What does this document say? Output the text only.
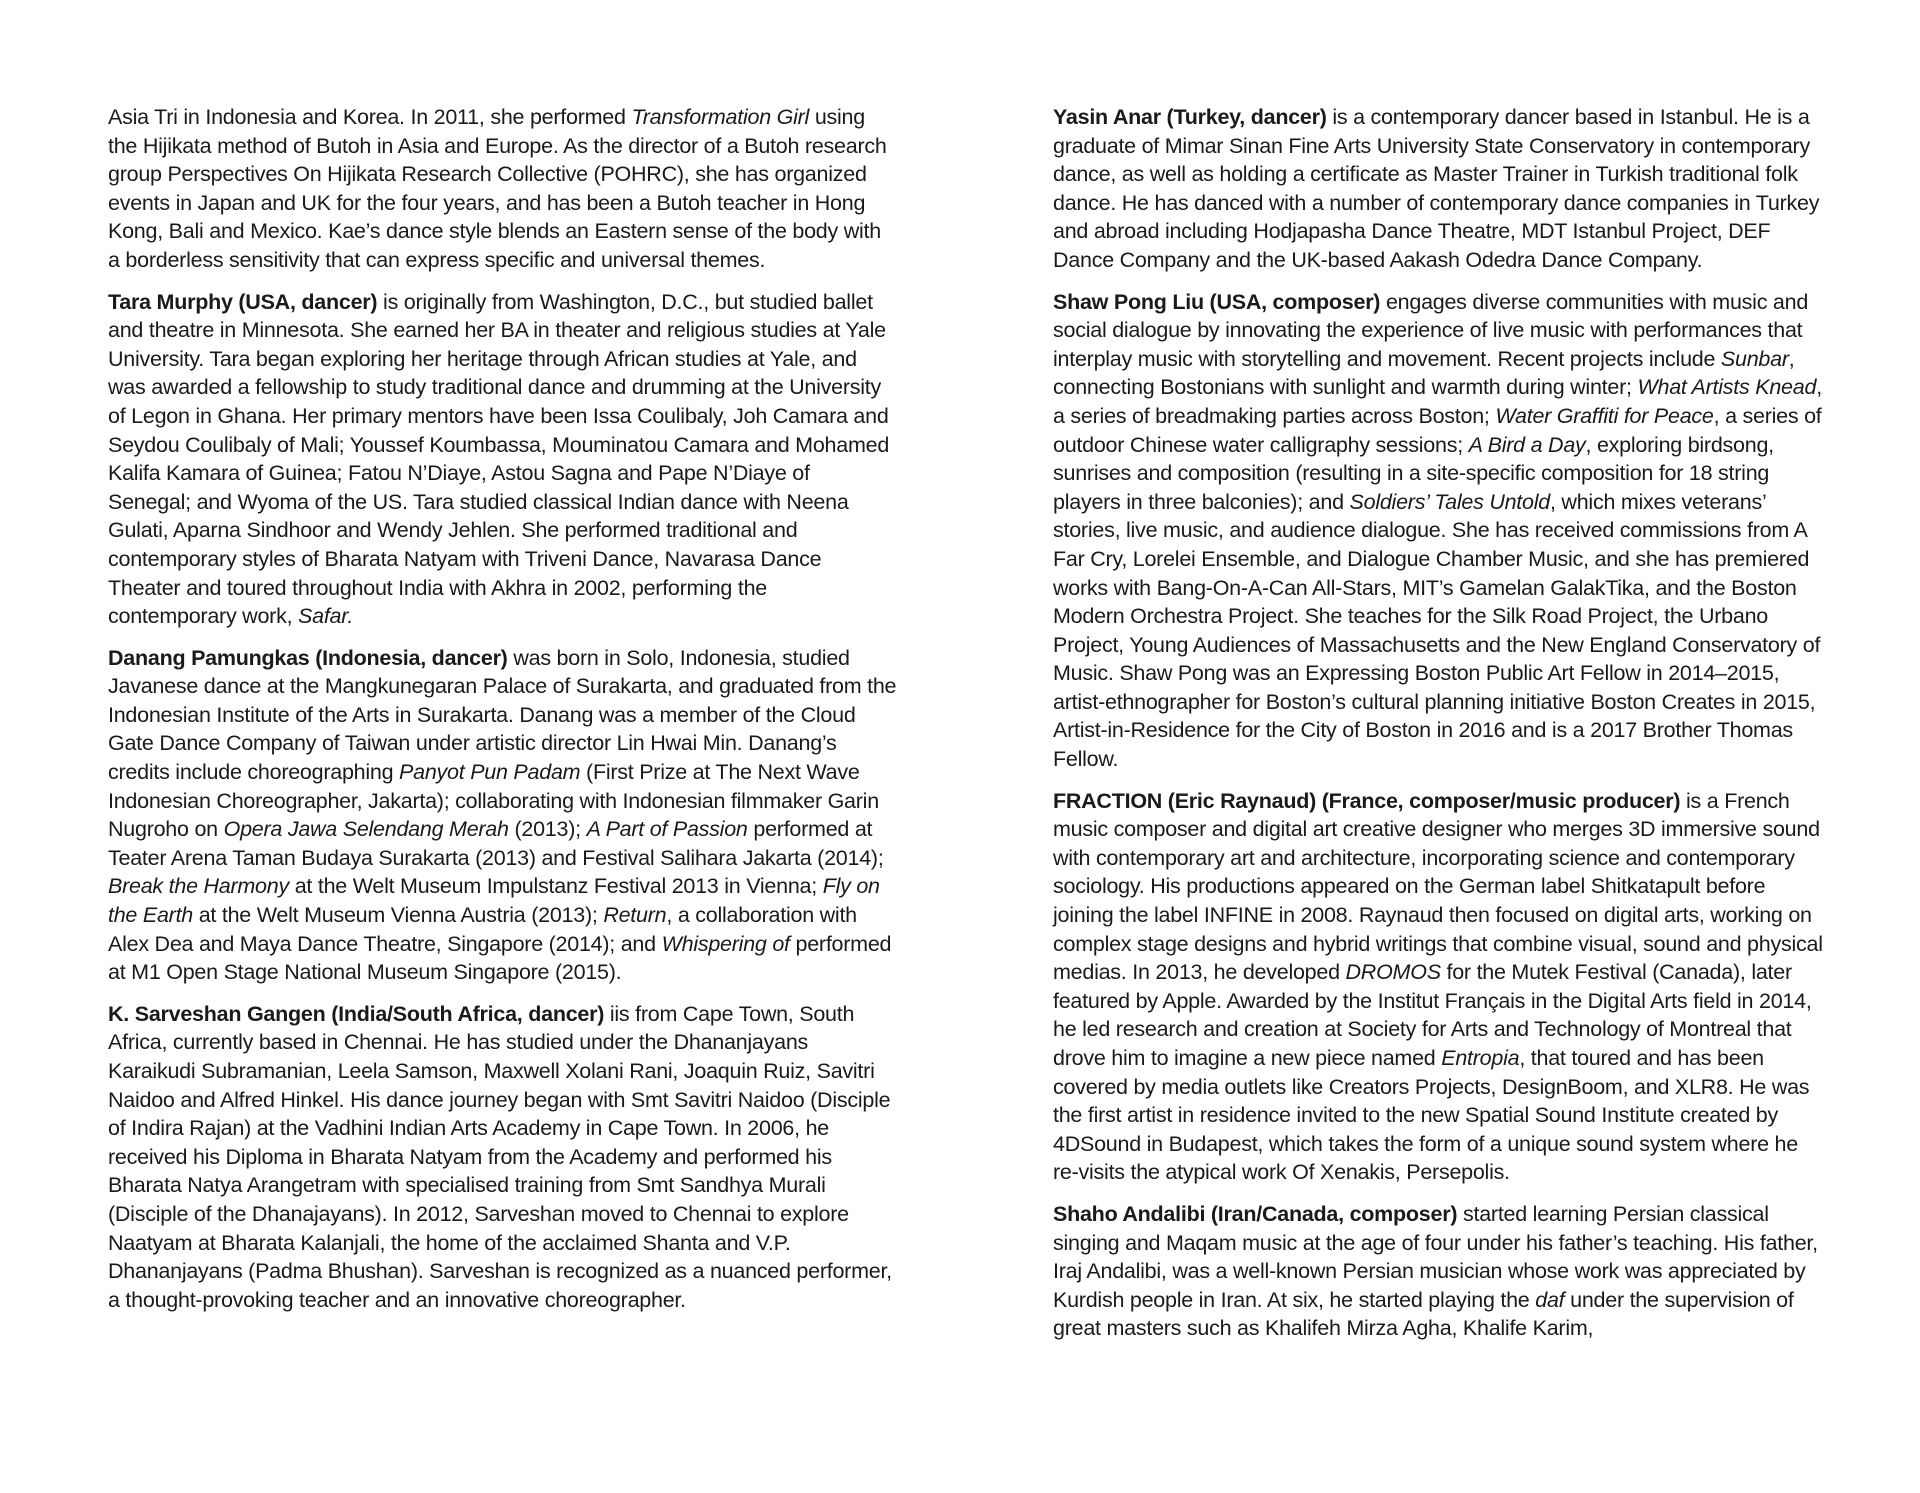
Asia Tri in Indonesia and Korea. In 2011, she performed Transformation Girl using the Hijikata method of Butoh in Asia and Europe. As the director of a Butoh research group Perspectives On Hijikata Research Collective (POHRC), she has organized events in Japan and UK for the four years, and has been a Butoh teacher in Hong Kong, Bali and Mexico. Kae’s dance style blends an Eastern sense of the body with a borderless sensitivity that can express specific and universal themes.

Tara Murphy (USA, dancer) is originally from Washington, D.C., but studied ballet and theatre in Minnesota. She earned her BA in theater and religious studies at Yale University. Tara began exploring her heritage through African studies at Yale, and was awarded a fellowship to study traditional dance and drumming at the University of Legon in Ghana. Her primary mentors have been Issa Coulibaly, Joh Camara and Seydou Coulibaly of Mali; Youssef Koumbassa, Mouminatou Camara and Mohamed Kalifa Kamara of Guinea; Fatou N’Diaye, Astou Sagna and Pape N’Diaye of Senegal; and Wyoma of the US. Tara studied classical Indian dance with Neena Gulati, Aparna Sindhoor and Wendy Jehlen. She performed traditional and contemporary styles of Bharata Natyam with Triveni Dance, Navarasa Dance Theater and toured throughout India with Akhra in 2002, performing the contemporary work, Safar.

Danang Pamungkas (Indonesia, dancer) was born in Solo, Indonesia, studied Javanese dance at the Mangkunegaran Palace of Surakarta, and graduated from the Indonesian Institute of the Arts in Surakarta. Danang was a member of the Cloud Gate Dance Company of Taiwan under artistic director Lin Hwai Min. Danang’s credits include choreographing Panyot Pun Padam (First Prize at The Next Wave Indonesian Choreographer, Jakarta); collaborating with Indonesian filmmaker Garin Nugroho on Opera Jawa Selendang Merah (2013); A Part of Passion performed at Teater Arena Taman Budaya Surakarta (2013) and Festival Salihara Jakarta (2014); Break the Harmony at the Welt Museum Impulstanz Festival 2013 in Vienna; Fly on the Earth at the Welt Museum Vienna Austria (2013); Return, a collaboration with Alex Dea and Maya Dance Theatre, Singapore (2014); and Whispering of performed at M1 Open Stage National Museum Singapore (2015).

K. Sarveshan Gangen (India/South Africa, dancer) iis from Cape Town, South Africa, currently based in Chennai. He has studied under the Dhananjayans Karaikudi Subramanian, Leela Samson, Maxwell Xolani Rani, Joaquin Ruiz, Savitri Naidoo and Alfred Hinkel. His dance journey began with Smt Savitri Naidoo (Disciple of Indira Rajan) at the Vadhini Indian Arts Academy in Cape Town. In 2006, he received his Diploma in Bharata Natyam from the Academy and performed his Bharata Natya Arangetram with specialised training from Smt Sandhya Murali (Disciple of the Dhanajayans). In 2012, Sarveshan moved to Chennai to explore Naatyam at Bharata Kalanjali, the home of the acclaimed Shanta and V.P. Dhananjayans (Padma Bhushan). Sarveshan is recognized as a nuanced performer, a thought-provoking teacher and an innovative choreographer.

Yasin Anar (Turkey, dancer) is a contemporary dancer based in Istanbul. He is a graduate of Mimar Sinan Fine Arts University State Conservatory in contemporary dance, as well as holding a certificate as Master Trainer in Turkish traditional folk dance. He has danced with a number of contemporary dance companies in Turkey and abroad including Hodjapasha Dance Theatre, MDT Istanbul Project, DEF Dance Company and the UK-based Aakash Odedra Dance Company.

Shaw Pong Liu (USA, composer) engages diverse communities with music and social dialogue by innovating the experience of live music with performances that interplay music with storytelling and movement. Recent projects include Sunbar, connecting Bostonians with sunlight and warmth during winter; What Artists Knead, a series of breadmaking parties across Boston; Water Graffiti for Peace, a series of outdoor Chinese water calligraphy sessions; A Bird a Day, exploring birdsong, sunrises and composition (resulting in a site-specific composition for 18 string players in three balconies); and Soldiers’ Tales Untold, which mixes veterans’ stories, live music, and audience dialogue. She has received commissions from A Far Cry, Lorelei Ensemble, and Dialogue Chamber Music, and she has premiered works with Bang-On-A-Can All-Stars, MIT’s Gamelan GalakTika, and the Boston Modern Orchestra Project. She teaches for the Silk Road Project, the Urbano Project, Young Audiences of Massachusetts and the New England Conservatory of Music. Shaw Pong was an Expressing Boston Public Art Fellow in 2014–2015, artist-ethnographer for Boston’s cultural planning initiative Boston Creates in 2015, Artist-in-Residence for the City of Boston in 2016 and is a 2017 Brother Thomas Fellow.

FRACTION (Eric Raynaud) (France, composer/music producer) is a French music composer and digital art creative designer who merges 3D immersive sound with contemporary art and architecture, incorporating science and contemporary sociology. His productions appeared on the German label Shitkatapult before joining the label INFINE in 2008. Raynaud then focused on digital arts, working on complex stage designs and hybrid writings that combine visual, sound and physical medias. In 2013, he developed DROMOS for the Mutek Festival (Canada), later featured by Apple. Awarded by the Institut Français in the Digital Arts field in 2014, he led research and creation at Society for Arts and Technology of Montreal that drove him to imagine a new piece named Entropia, that toured and has been covered by media outlets like Creators Projects, DesignBoom, and XLR8. He was the first artist in residence invited to the new Spatial Sound Institute created by 4DSound in Budapest, which takes the form of a unique sound system where he re-visits the atypical work Of Xenakis, Persepolis.

Shaho Andalibi (Iran/Canada, composer) started learning Persian classical singing and Maqam music at the age of four under his father’s teaching. His father, Iraj Andalibi, was a well-known Persian musician whose work was appreciated by Kurdish people in Iran. At six, he started playing the daf under the supervision of great masters such as Khalifeh Mirza Agha, Khalife Karim,
